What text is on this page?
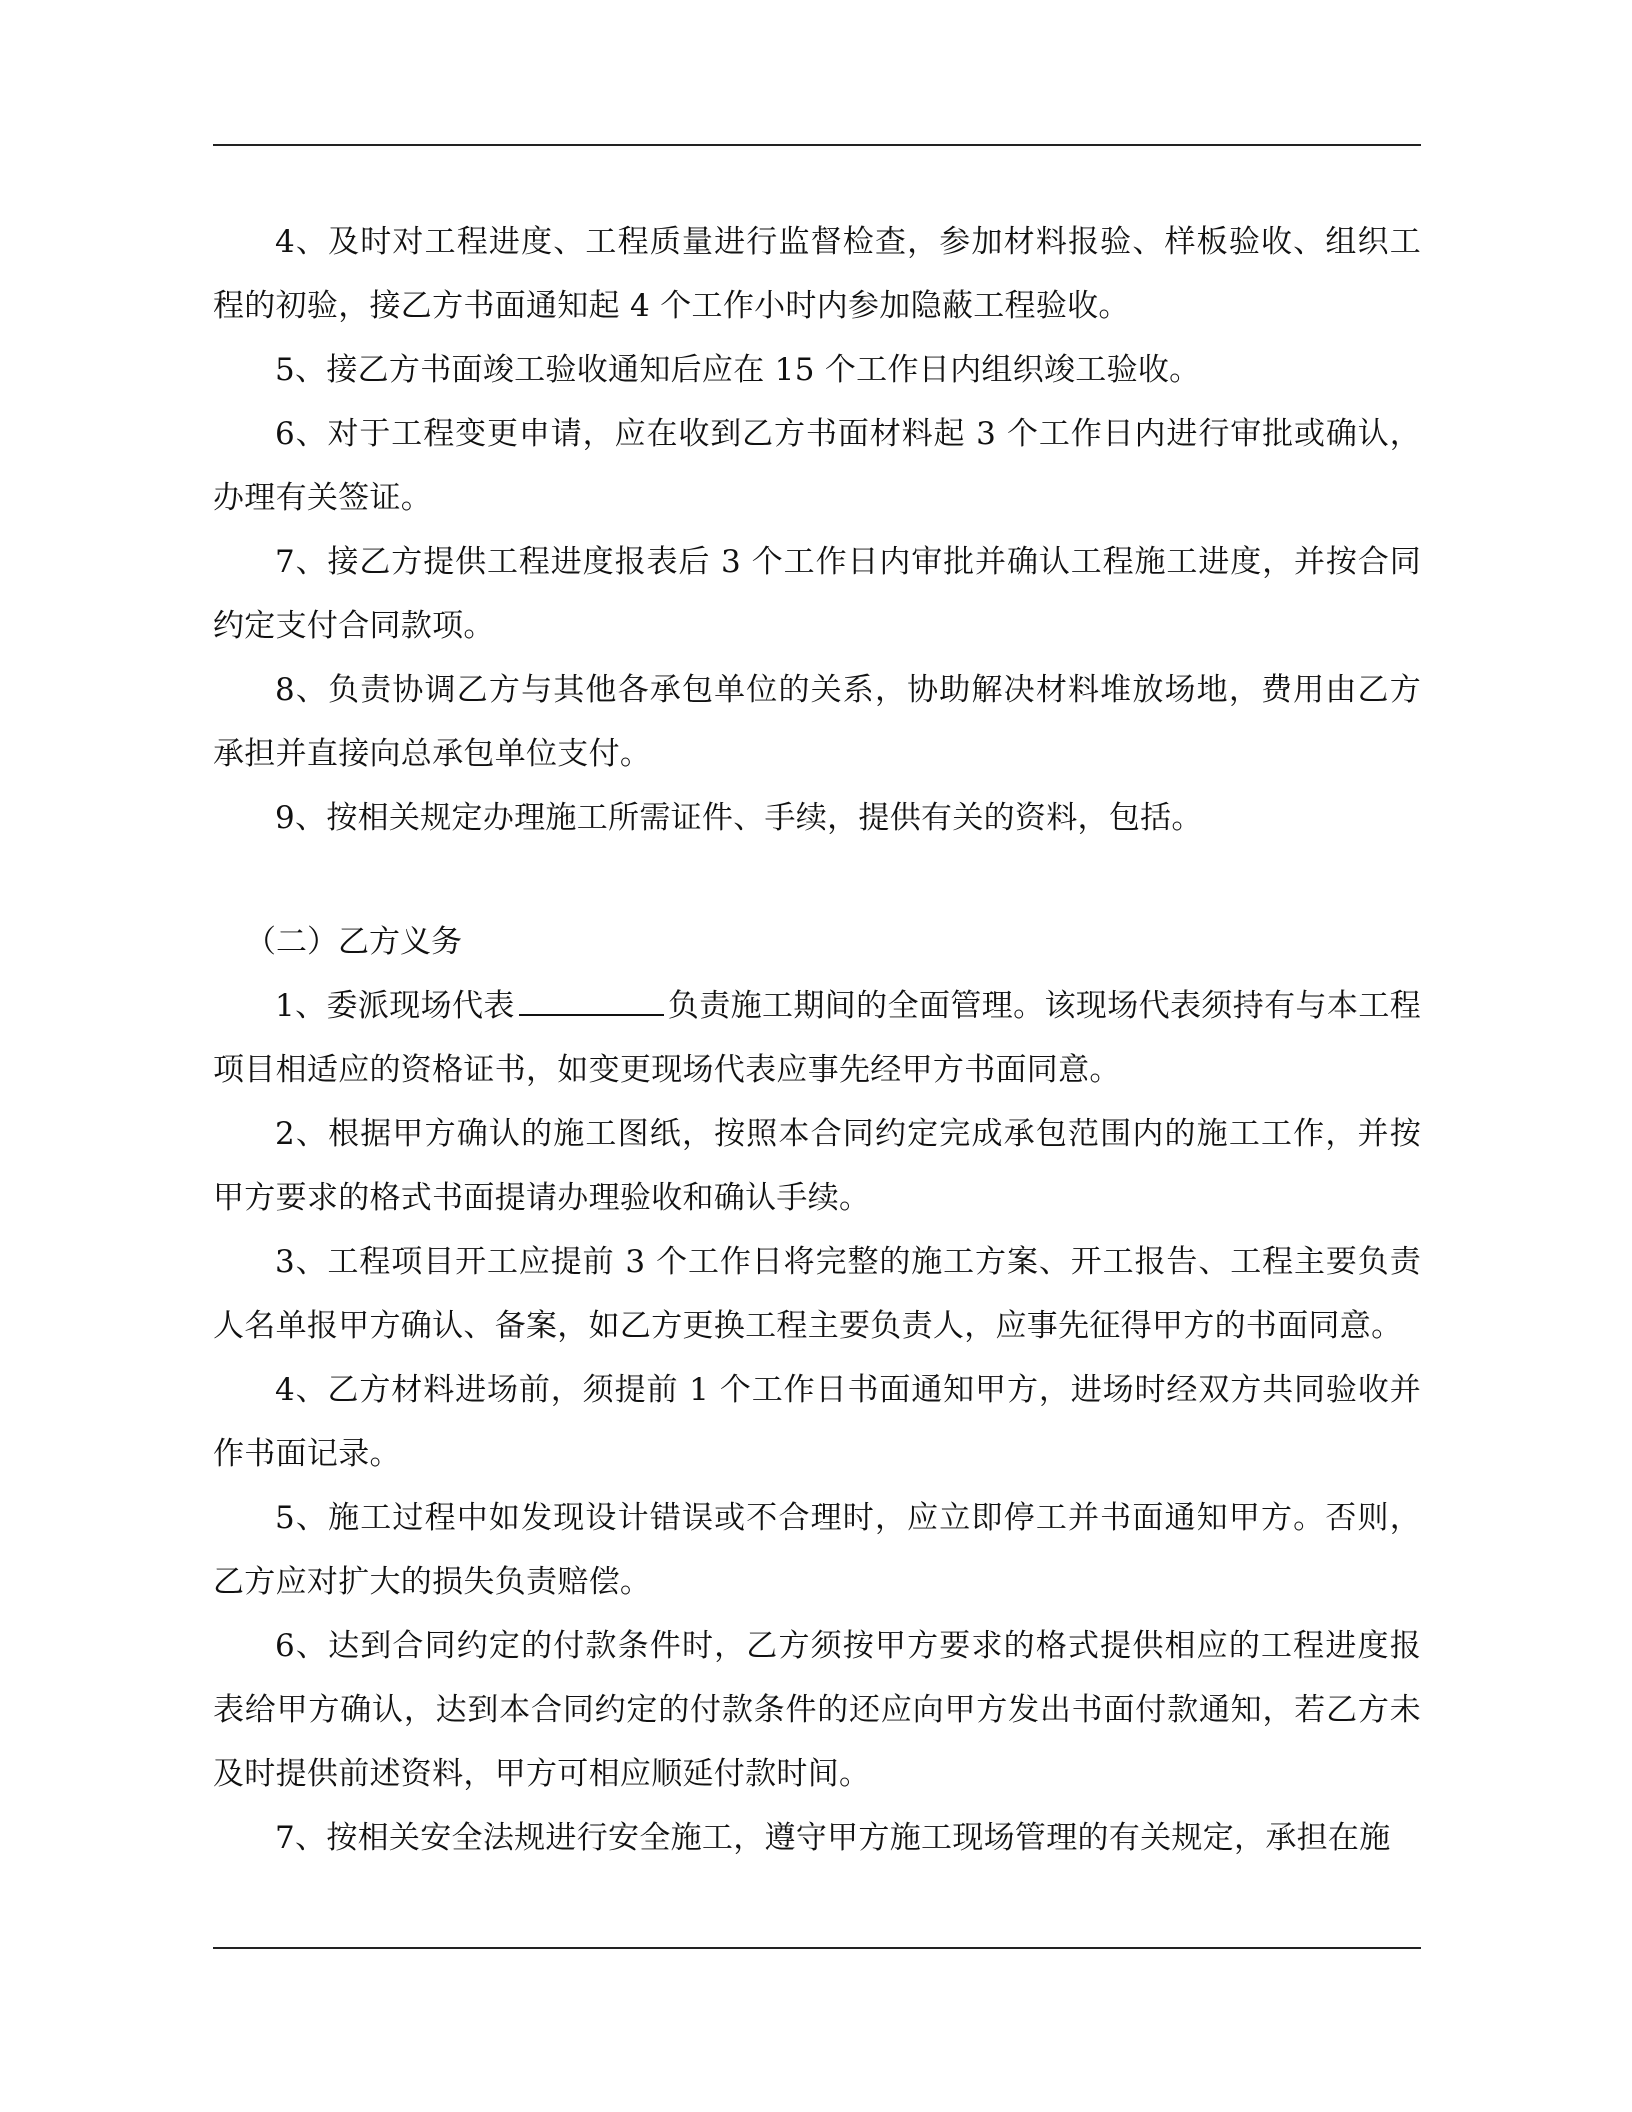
4、及时对工程进度、工程质量进行监督检查，参加材料报验、样板验收、组织工程的初验，接乙方书面通知起 4 个工作小时内参加隐蔽工程验收。

5、接乙方书面竣工验收通知后应在 15 个工作日内组织竣工验收。

6、对于工程变更申请，应在收到乙方书面材料起 3 个工作日内进行审批或确认，办理有关签证。

7、接乙方提供工程进度报表后 3 个工作日内审批并确认工程施工进度，并按合同约定支付合同款项。

8、负责协调乙方与其他各承包单位的关系，协助解决材料堆放场地，费用由乙方承担并直接向总承包单位支付。

9、按相关规定办理施工所需证件、手续，提供有关的资料，包括。

（二）乙方义务

1、委派现场代表	负责施工期间的全面管理。该现场代表须持有与本工程项目相适应的资格证书，如变更现场代表应事先经甲方书面同意。

2、根据甲方确认的施工图纸，按照本合同约定完成承包范围内的施工工作，并按甲方要求的格式书面提请办理验收和确认手续。

3、工程项目开工应提前 3 个工作日将完整的施工方案、开工报告、工程主要负责人名单报甲方确认、备案，如乙方更换工程主要负责人，应事先征得甲方的书面同意。

4、乙方材料进场前，须提前 1 个工作日书面通知甲方，进场时经双方共同验收并作书面记录。

5、施工过程中如发现设计错误或不合理时，应立即停工并书面通知甲方。否则，乙方应对扩大的损失负责赔偿。

6、达到合同约定的付款条件时，乙方须按甲方要求的格式提供相应的工程进度报表给甲方确认，达到本合同约定的付款条件的还应向甲方发出书面付款通知，若乙方未及时提供前述资料，甲方可相应顺延付款时间。

7、按相关安全法规进行安全施工，遵守甲方施工现场管理的有关规定，承担在施
